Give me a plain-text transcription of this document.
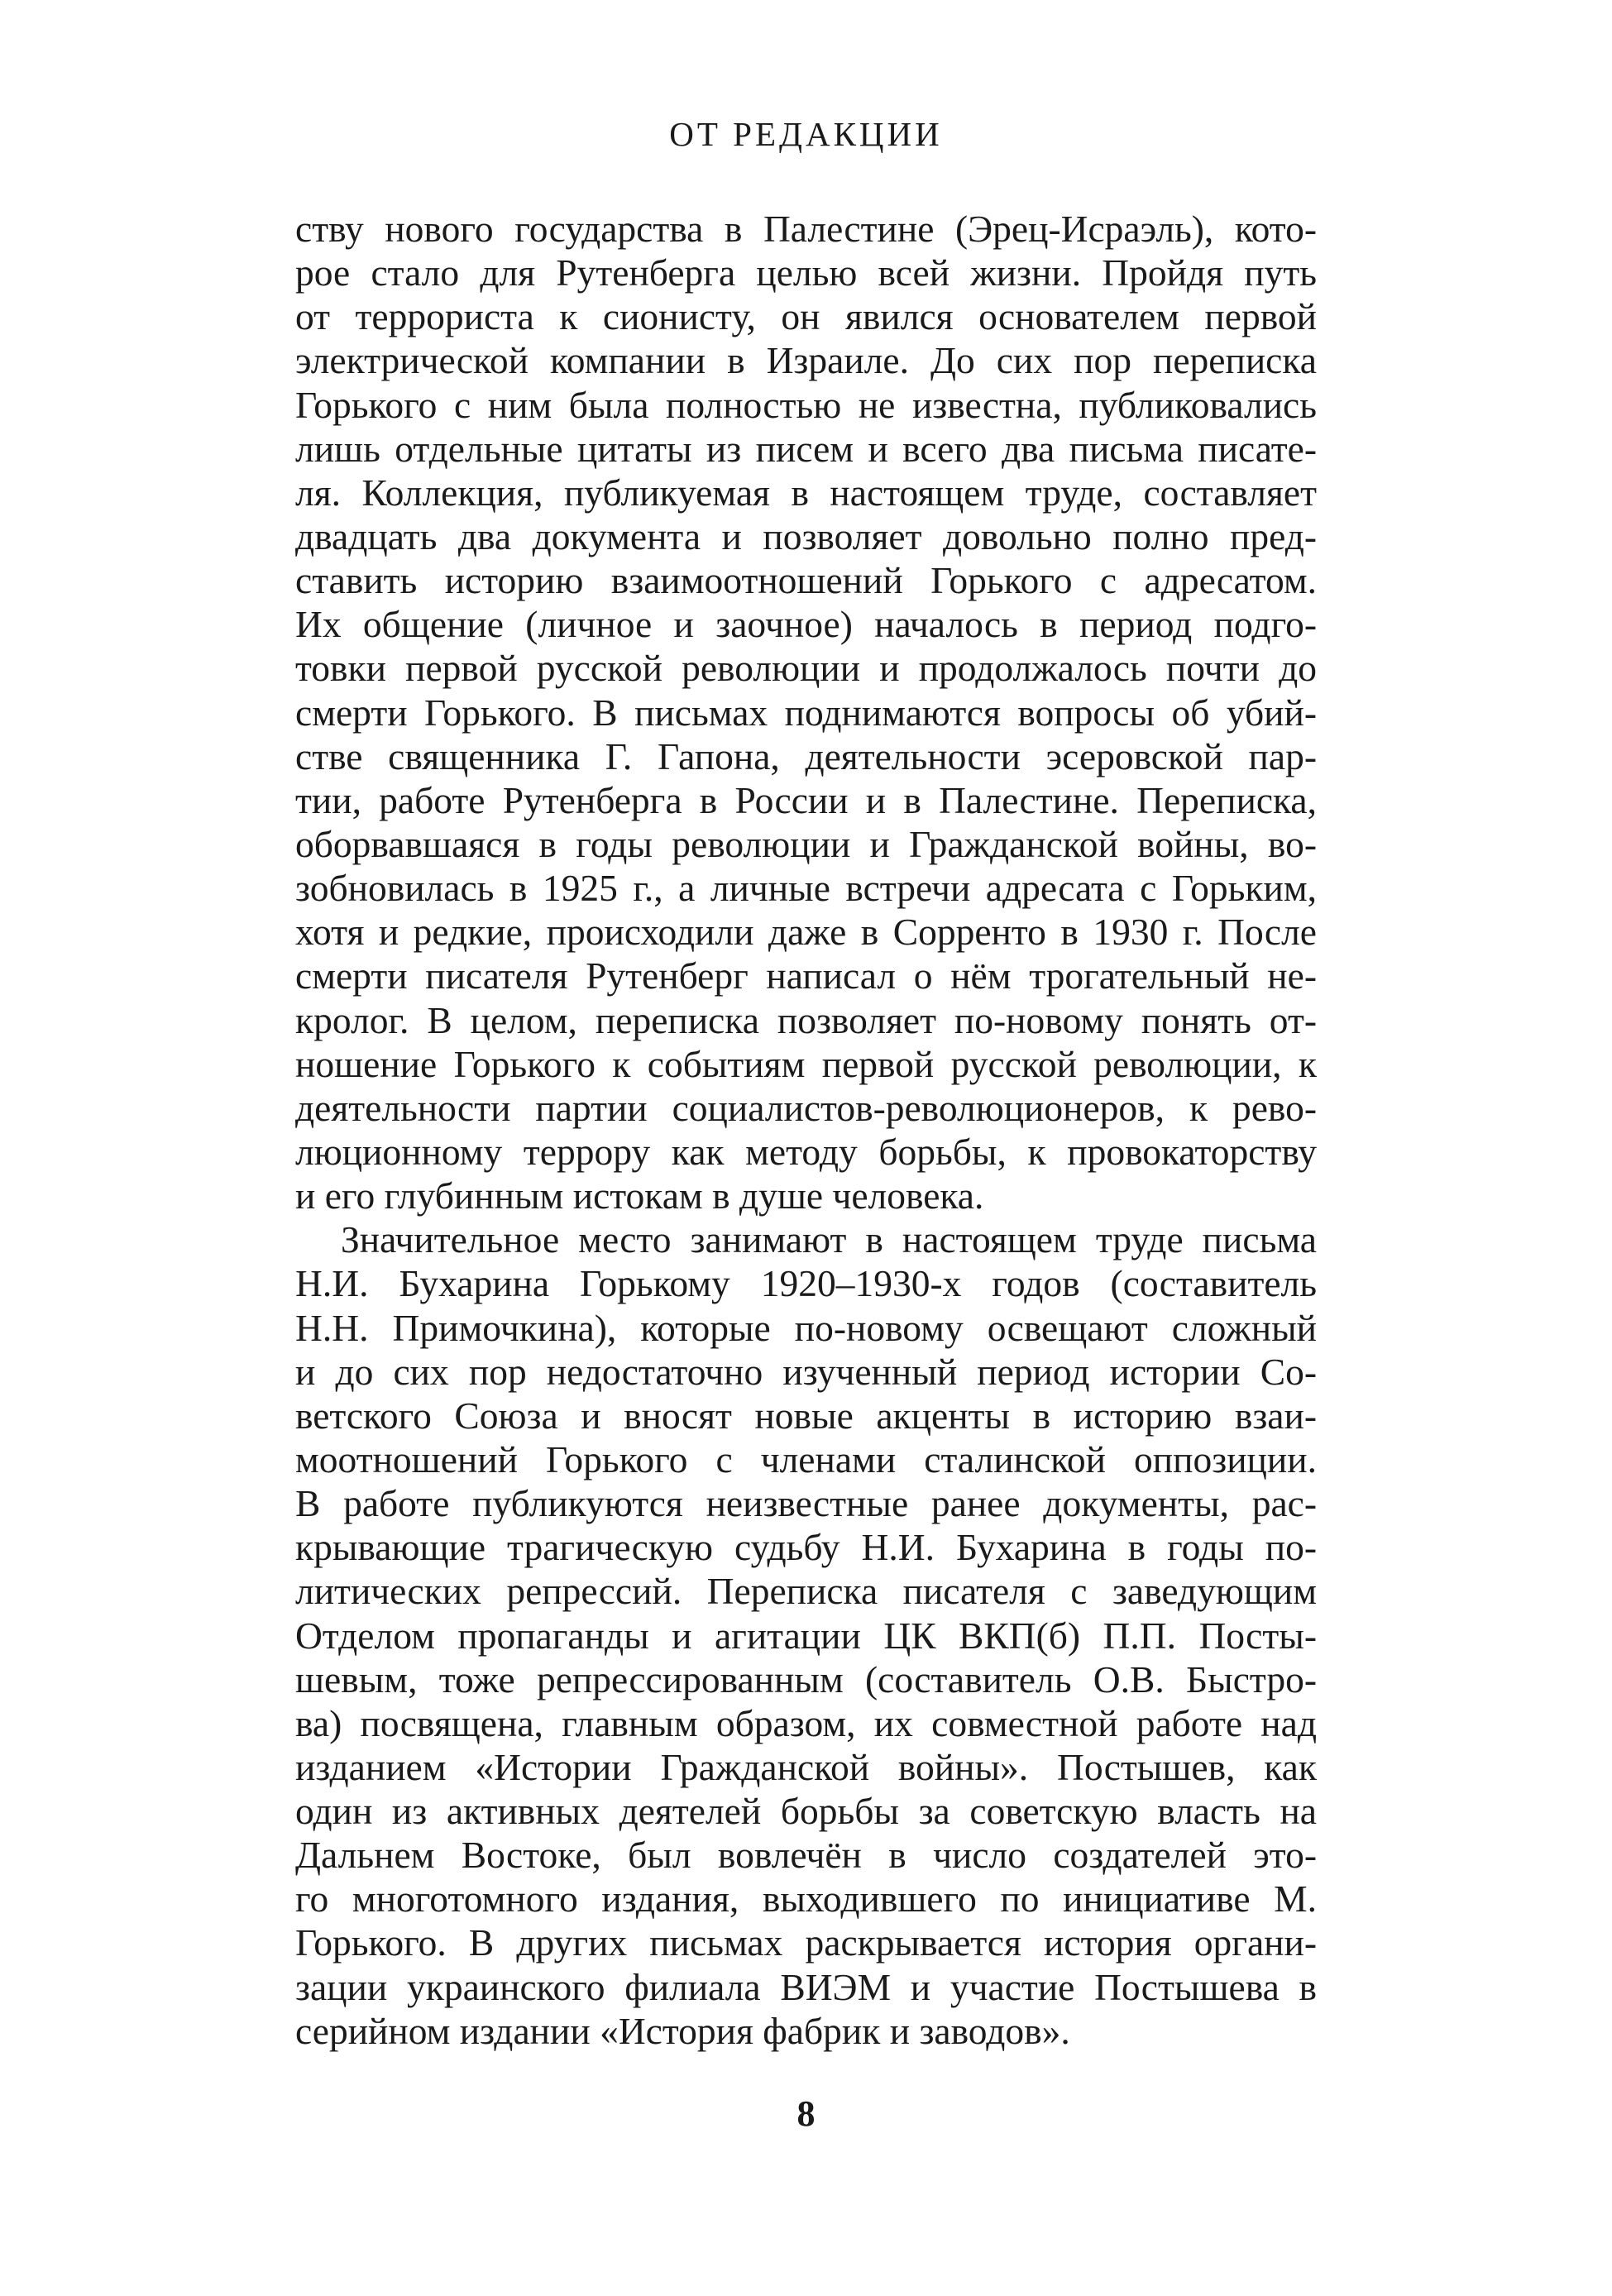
ОТ РЕДАКЦИИ
ству нового государства в Палестине (Эрец-Исраэль), кото-
рое стало для Рутенберга целью всей жизни. Пройдя путь
от террориста к сионисту, он явился основателем первой
электрической компании в Израиле. До сих пор переписка
Горького с ним была полностью не известна, публиковались
лишь отдельные цитаты из писем и всего два письма писате-
ля. Коллекция, публикуемая в настоящем труде, составляет
двадцать два документа и позволяет довольно полно пред-
ставить историю взаимоотношений Горького с адресатом.
Их общение (личное и заочное) началось в период подго-
товки первой русской революции и продолжалось почти до
смерти Горького. В письмах поднимаются вопросы об убий-
стве священника Г. Гапона, деятельности эсеровской пар-
тии, работе Рутенберга в России и в Палестине. Переписка,
оборвавшаяся в годы революции и Гражданской войны, во-
зобновилась в 1925 г., а личные встречи адресата с Горьким,
хотя и редкие, происходили даже в Сорренто в 1930 г. После
смерти писателя Рутенберг написал о нём трогательный не-
кролог. В целом, переписка позволяет по-новому понять от-
ношение Горького к событиям первой русской революции, к
деятельности партии социалистов-революционеров, к рево-
люционному террору как методу борьбы, к провокаторству
и его глубинным истокам в душе человека.
Значительное место занимают в настоящем труде письма
Н.И. Бухарина Горькому 1920–1930-х годов (составитель
Н.Н. Примочкина), которые по-новому освещают сложный
и до сих пор недостаточно изученный период истории Со-
ветского Союза и вносят новые акценты в историю взаи-
моотношений Горького с членами сталинской оппозиции.
В работе публикуются неизвестные ранее документы, рас-
крывающие трагическую судьбу Н.И. Бухарина в годы по-
литических репрессий. Переписка писателя с заведующим
Отделом пропаганды и агитации ЦК ВКП(б) П.П. Посты-
шевым, тоже репрессированным (составитель О.В. Быстро-
ва) посвящена, главным образом, их совместной работе над
изданием «Истории Гражданской войны». Постышев, как
один из активных деятелей борьбы за советскую власть на
Дальнем Востоке, был вовлечён в число создателей это-
го многотомного издания, выходившего по инициативе М.
Горького. В других письмах раскрывается история органи-
зации украинского филиала ВИЭМ и участие Постышева в
серийном издании «История фабрик и заводов».
8
